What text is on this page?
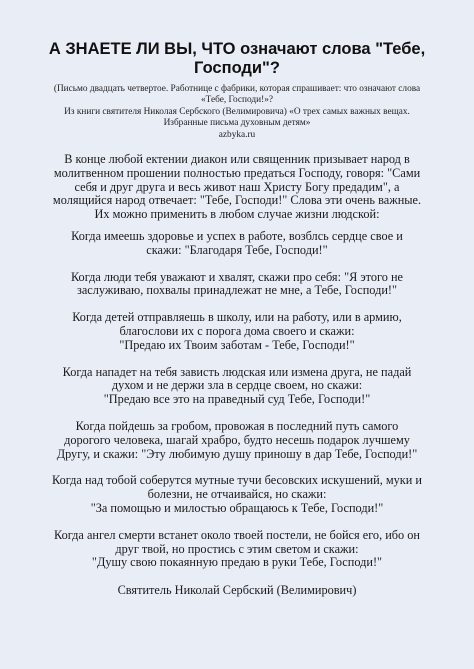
А ЗНАЕТЕ ЛИ ВЫ, ЧТО означают слова "Тебе,
Господи"?
(Письмо двадцать четвертое. Работнице с фабрики, которая спрашивает: что означают слова
«Тебе, Господи!»?
Из книги святителя Николая Сербского (Велимировича) «О трех самых важных вещах.
Избранные письма духовным детям»
azbyka.ru

В конце любой ектении диакон или священник призывает народ в
молитвенном прошении полностью предаться Господу, говоря: "Сами
себя и друг друга и весь живот наш Христу Богу предадим", а
молящийся народ отвечает: "Тебе, Господи!" Слова эти очень важные.
Их можно применить в любом случае жизни людской:

Когда имеешь здоровье и успех в работе, возблсь сердце свое и
скажи: "Благодаря Тебе, Господи!"

Когда люди тебя уважают и хвалят, скажи про себя: "Я этого не
заслуживаю, похвалы принадлежат не мне, а Тебе, Господи!"

Когда детей отправляешь в школу, или на работу, или в армию,
благослови их с порога дома своего и скажи:
"Предаю их Твоим заботам - Тебе, Господи!"

Когда нападет на тебя зависть людская или измена друга, не падай
духом и не держи зла в сердце своем, но скажи:
"Предаю все это на праведный суд Тебе, Господи!"

Когда пойдешь за гробом, провожая в последний путь самого
дорогого человека, шагай храбро, будто несешь подарок лучшему
Другу, и скажи: "Эту любимую душу приношу в дар Тебе, Господи!"

Когда над тобой соберутся мутные тучи бесовских искушений, муки и
болезни, не отчаивайся, но скажи:
"За помощью и милостью обращаюсь к Тебе, Господи!"

Когда ангел смерти встанет около твоей постели, не бойся его, ибо он
друг твой, но простись с этим светом и скажи:
"Душу свою покаянную предаю в руки Тебе, Господи!"

Святитель Николай Сербский (Велимирович)
